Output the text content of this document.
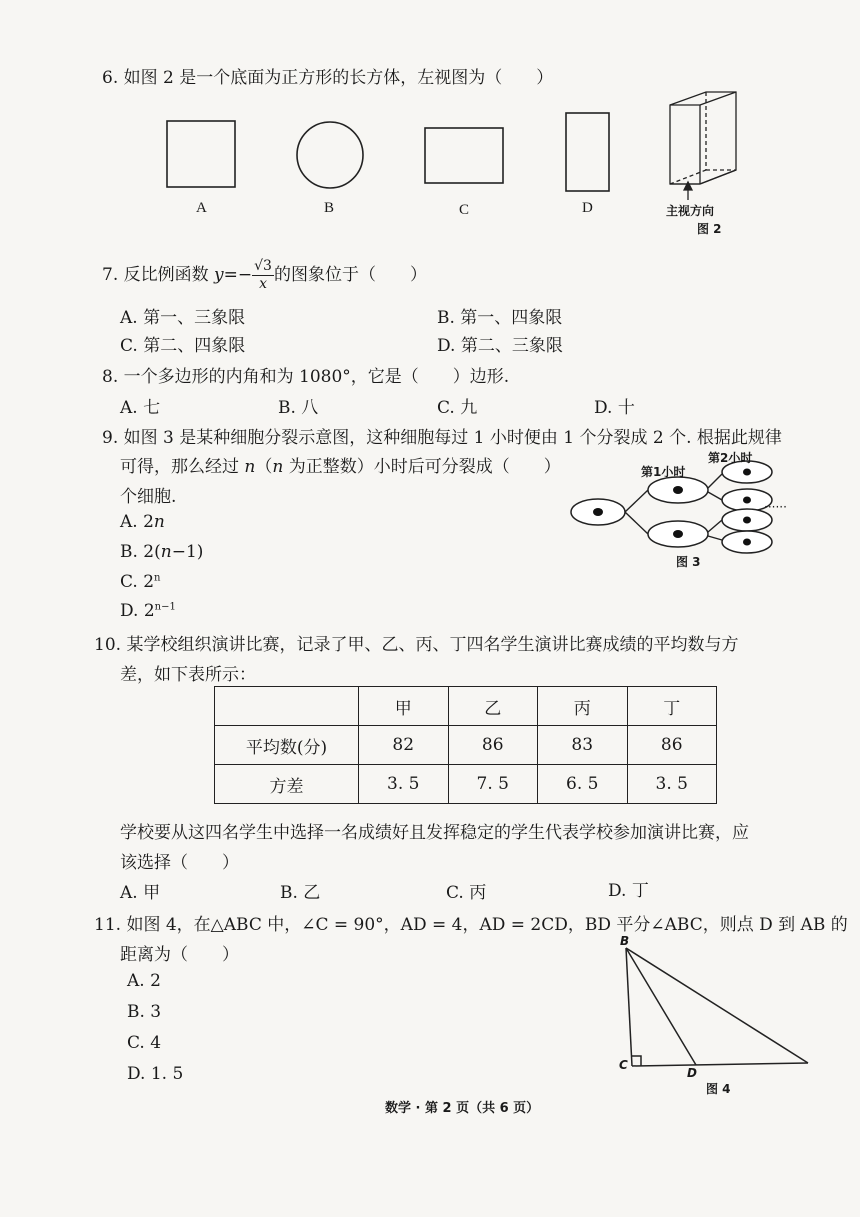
6. 如图 2 是一个底面为正方形的长方体，左视图为（　　）
A	B	C	D	主视方向
图 2
7. 反比例函数 $y=- \frac{√3}{x}$ 的图象位于（　　）
A. 第一、三象限	B. 第一、四象限
C. 第二、四象限	D. 第二、三象限
8. 一个多边形的内角和为 1080°，它是（　　）边形.
A. 七	B. 八	C. 九	D. 十
9. 如图 3 是某种细胞分裂示意图，这种细胞每过 1 小时便由 1 个分裂成 2 个. 根据此规律
可得，那么经过 n（n 为正整数）小时后可分裂成（　　）
个细胞.
A. 2n
B. 2(n−1)
C. 2$^n$
D. $2^{n-1}$
第1小时
第2小时
······
图 3
10. 某学校组织演讲比赛，记录了甲、乙、丙、丁四名学生演讲比赛成绩的平均数与方
差，如下表所示：
	甲	乙	丙	丁
平均数(分)	82	86	83	86
方差	3. 5	7. 5	6. 5	3. 5
学校要从这四名学生中选择一名成绩好且发挥稳定的学生代表学校参加演讲比赛，应
该选择（　　）
A. 甲	B. 乙	C. 丙	D. 丁
11. 如图 4，在△ABC 中，∠C = 90°，AD = 4，AD = 2CD，BD 平分∠ABC，则点 D 到 AB 的
距离为（　　）
A. 2
B. 3
C. 4
D. 1. 5
B
C
D
图 4
数学 · 第 2 页（共 6 页）
